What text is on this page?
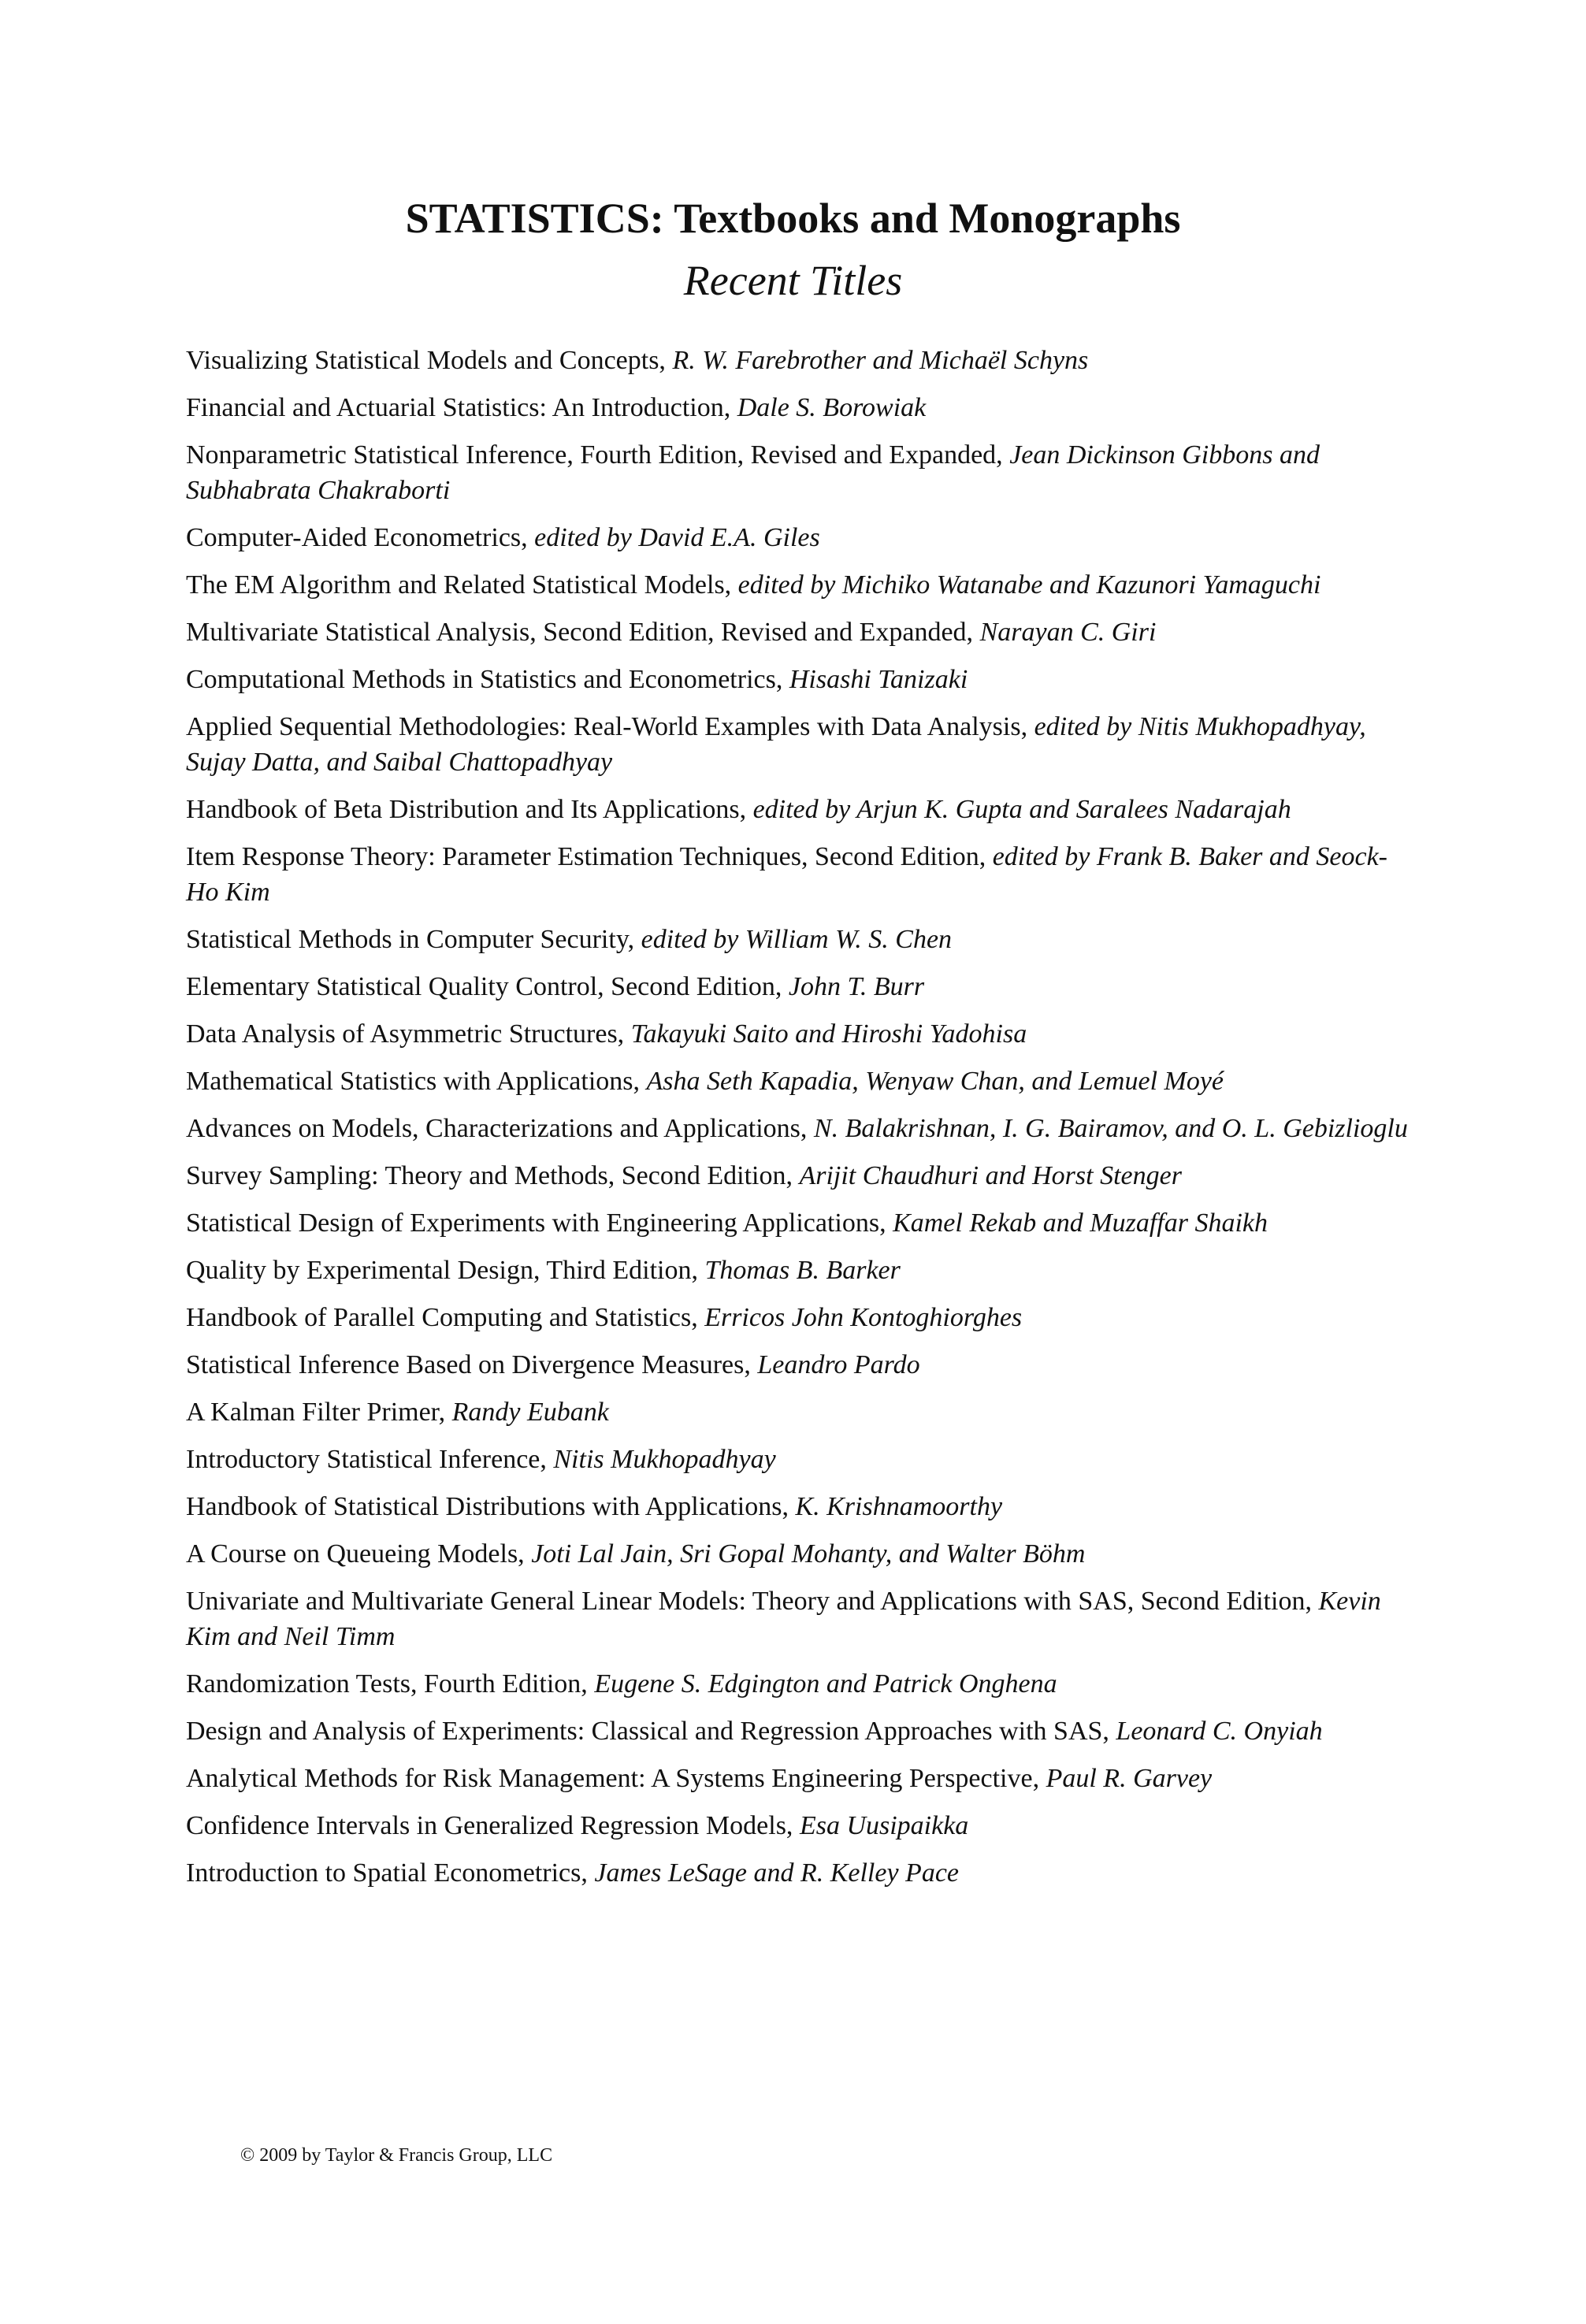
STATISTICS: Textbooks and Monographs
Recent Titles
Visualizing Statistical Models and Concepts, R. W. Farebrother and Michaël Schyns
Financial and Actuarial Statistics: An Introduction, Dale S. Borowiak
Nonparametric Statistical Inference, Fourth Edition, Revised and Expanded, Jean Dickinson Gibbons and Subhabrata Chakraborti
Computer-Aided Econometrics, edited by David E.A. Giles
The EM Algorithm and Related Statistical Models, edited by Michiko Watanabe and Kazunori Yamaguchi
Multivariate Statistical Analysis, Second Edition, Revised and Expanded, Narayan C. Giri
Computational Methods in Statistics and Econometrics, Hisashi Tanizaki
Applied Sequential Methodologies: Real-World Examples with Data Analysis, edited by Nitis Mukhopadhyay, Sujay Datta, and Saibal Chattopadhyay
Handbook of Beta Distribution and Its Applications, edited by Arjun K. Gupta and Saralees Nadarajah
Item Response Theory: Parameter Estimation Techniques, Second Edition, edited by Frank B. Baker and Seock-Ho Kim
Statistical Methods in Computer Security, edited by William W. S. Chen
Elementary Statistical Quality Control, Second Edition, John T. Burr
Data Analysis of Asymmetric Structures, Takayuki Saito and Hiroshi Yadohisa
Mathematical Statistics with Applications, Asha Seth Kapadia, Wenyaw Chan, and Lemuel Moyé
Advances on Models, Characterizations and Applications, N. Balakrishnan, I. G. Bairamov, and O. L. Gebizlioglu
Survey Sampling: Theory and Methods, Second Edition, Arijit Chaudhuri and Horst Stenger
Statistical Design of Experiments with Engineering Applications, Kamel Rekab and Muzaffar Shaikh
Quality by Experimental Design, Third Edition, Thomas B. Barker
Handbook of Parallel Computing and Statistics, Erricos John Kontoghiorghes
Statistical Inference Based on Divergence Measures, Leandro Pardo
A Kalman Filter Primer, Randy Eubank
Introductory Statistical Inference, Nitis Mukhopadhyay
Handbook of Statistical Distributions with Applications, K. Krishnamoorthy
A Course on Queueing Models, Joti Lal Jain, Sri Gopal Mohanty, and Walter Böhm
Univariate and Multivariate General Linear Models: Theory and Applications with SAS, Second Edition, Kevin Kim and Neil Timm
Randomization Tests, Fourth Edition, Eugene S. Edgington and Patrick Onghena
Design and Analysis of Experiments: Classical and Regression Approaches with SAS, Leonard C. Onyiah
Analytical Methods for Risk Management: A Systems Engineering Perspective, Paul R. Garvey
Confidence Intervals in Generalized Regression Models, Esa Uusipaikka
Introduction to Spatial Econometrics, James LeSage and R. Kelley Pace
© 2009 by Taylor & Francis Group, LLC
